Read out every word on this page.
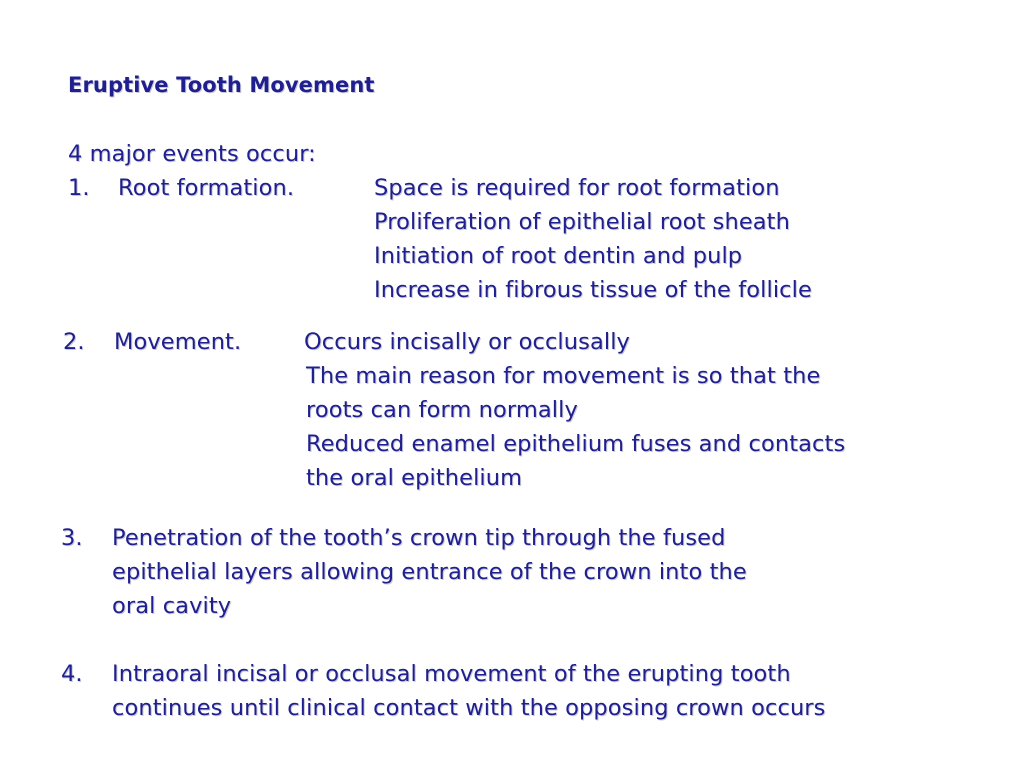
Eruptive Tooth Movement
4 major events occur:
1. Root formation.	Space is required for root formation
Proliferation of epithelial root sheath
Initiation of root dentin and pulp
Increase in fibrous tissue of the follicle
2. Movement.	Occurs incisally or occlusally
The main reason for movement is so that the
roots can form normally
Reduced enamel epithelium fuses and contacts
the oral epithelium
3. Penetration of the tooth’s crown tip through the fused
epithelial layers allowing entrance of the crown into the
oral cavity
4. Intraoral incisal or occlusal movement of the erupting tooth
continues until clinical contact with the opposing crown occurs
